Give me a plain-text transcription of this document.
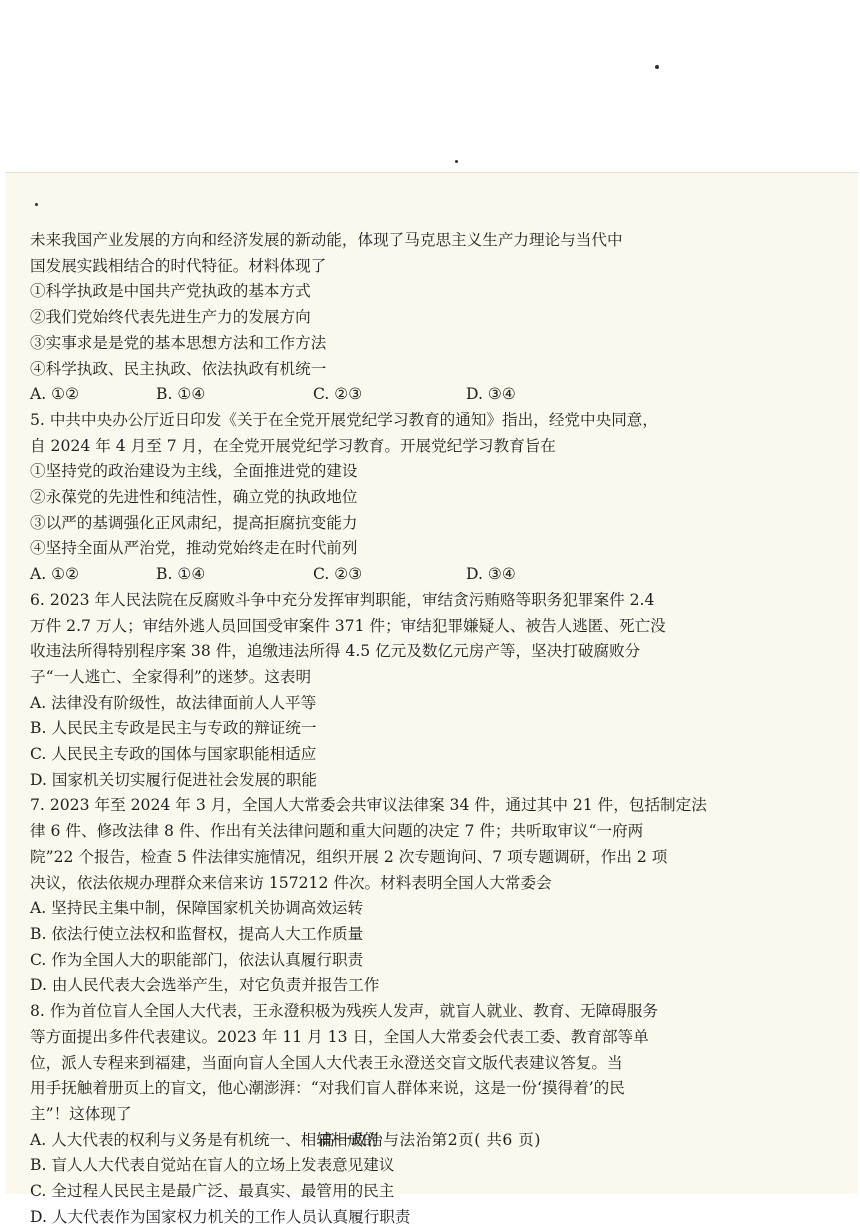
未来我国产业发展的方向和经济发展的新动能，体现了马克思主义生产力理论与当代中

国发展实践相结合的时代特征。材料体现了

①科学执政是中国共产党执政的基本方式

②我们党始终代表先进生产力的发展方向

③实事求是是党的基本思想方法和工作方法

④科学执政、民主执政、依法执政有机统一

A. ①②	B. ①④	C. ②③	D. ③④

5. 中共中央办公厅近日印发《关于在全党开展党纪学习教育的通知》指出，经党中央同意，

自 2024 年 4 月至 7 月，在全党开展党纪学习教育。开展党纪学习教育旨在

①坚持党的政治建设为主线，全面推进党的建设

②永葆党的先进性和纯洁性，确立党的执政地位

③以严的基调强化正风肃纪，提高拒腐抗变能力

④坚持全面从严治党，推动党始终走在时代前列

A. ①②	B. ①④	C. ②③	D. ③④

6. 2023 年人民法院在反腐败斗争中充分发挥审判职能，审结贪污贿赂等职务犯罪案件 2.4

万件 2.7 万人；审结外逃人员回国受审案件 371 件；审结犯罪嫌疑人、被告人逃匿、死亡没

收违法所得特别程序案 38 件，追缴违法所得 4.5 亿元及数亿元房产等，坚决打破腐败分

子“一人逃亡、全家得利”的迷梦。这表明

A. 法律没有阶级性，故法律面前人人平等

B. 人民民主专政是民主与专政的辩证统一

C. 人民民主专政的国体与国家职能相适应

D. 国家机关切实履行促进社会发展的职能

7. 2023 年至 2024 年 3 月，全国人大常委会共审议法律案 34 件，通过其中 21 件，包括制定法

律 6 件、修改法律 8 件、作出有关法律问题和重大问题的决定 7 件；共听取审议“一府两

院”22 个报告，检查 5 件法律实施情况，组织开展 2 次专题询问、7 项专题调研，作出 2 项

决议，依法依规办理群众来信来访 157212 件次。材料表明全国人大常委会

A. 坚持民主集中制，保障国家机关协调高效运转

B. 依法行使立法权和监督权，提高人大工作质量

C. 作为全国人大的职能部门，依法认真履行职责

D. 由人民代表大会选举产生，对它负责并报告工作

8. 作为首位盲人全国人大代表，王永澄积极为残疾人发声，就盲人就业、教育、无障碍服务

等方面提出多件代表建议。2023 年 11 月 13 日，全国人大常委会代表工委、教育部等单

位，派人专程来到福建，当面向盲人全国人大代表王永澄送交盲文版代表建议答复。当

用手抚触着册页上的盲文，他心潮澎湃：“对我们盲人群体来说，这是一份‘摸得着’的民

主”！这体现了

A. 人大代表的权利与义务是有机统一、相辅相成的

B. 盲人人大代表自觉站在盲人的立场上发表意见建议

C. 全过程人民民主是最广泛、最真实、最管用的民主

D. 人大代表作为国家权力机关的工作人员认真履行职责

高一政治与法治第2页( 共6 页)
